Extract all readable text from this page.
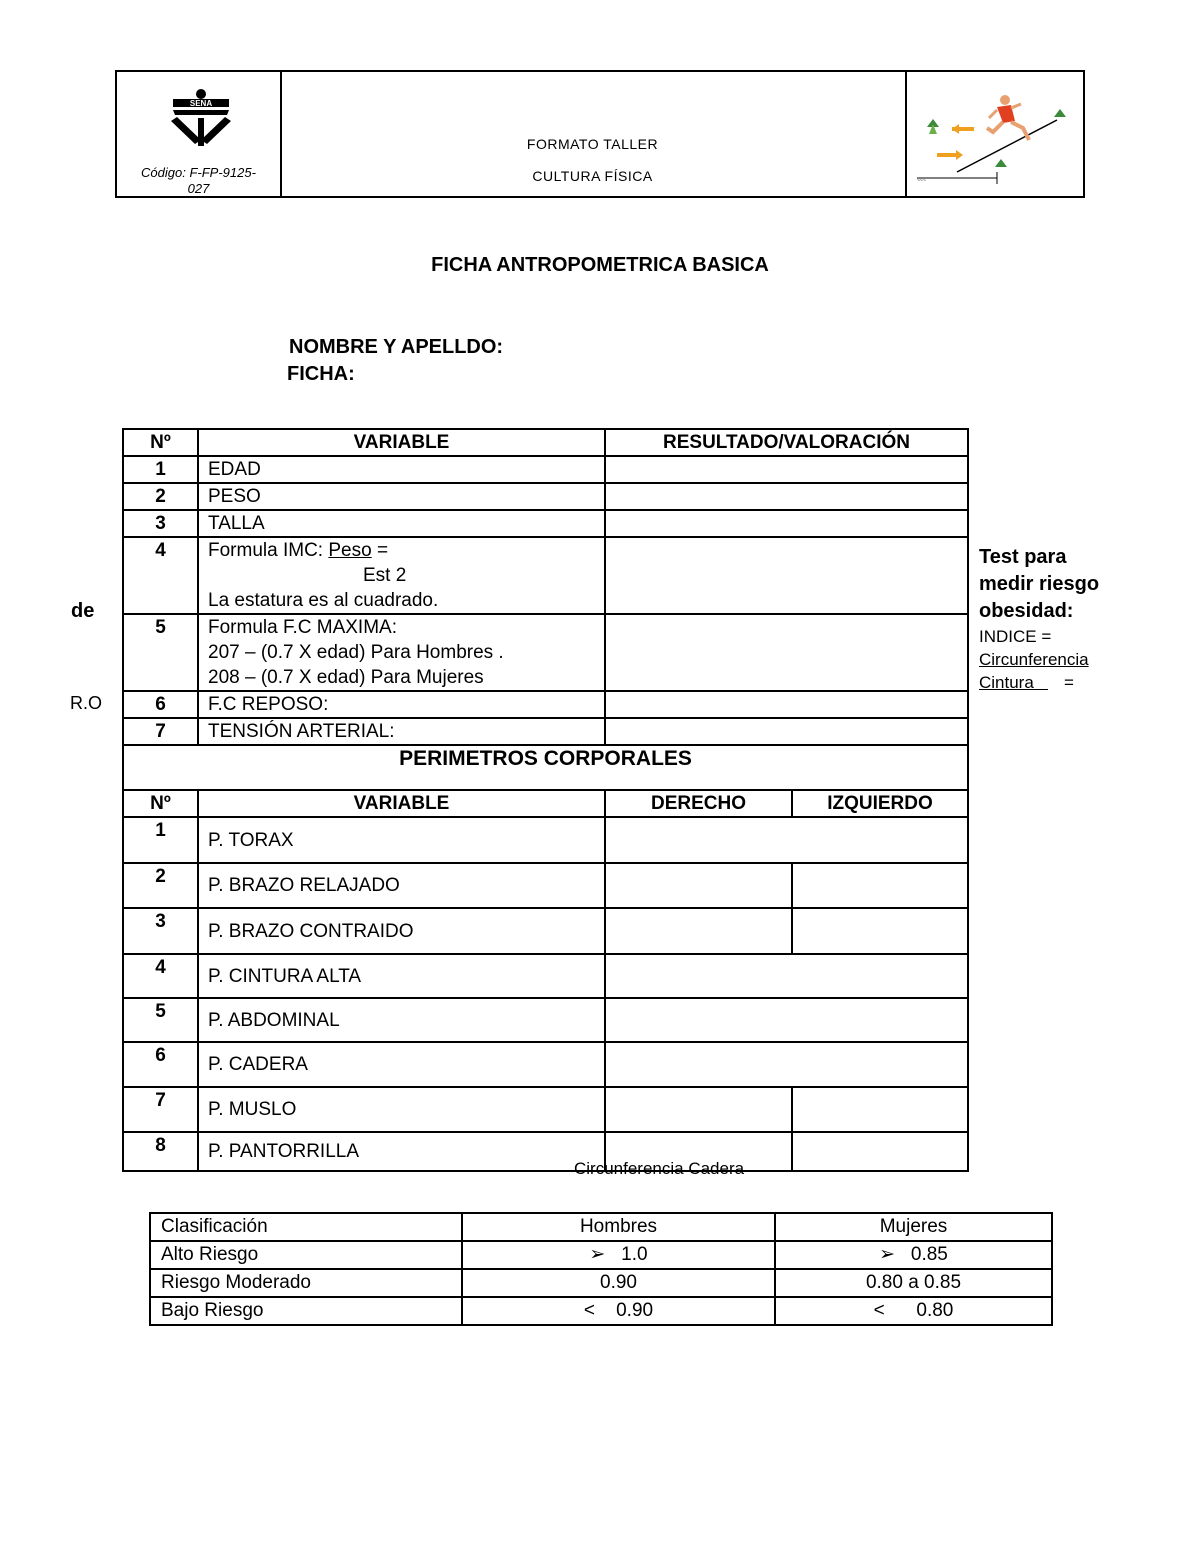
SENA
Código: F-FP-9125-
027
FORMATO TALLER
CULTURA FÍSICA	~~~
FICHA ANTROPOMETRICA BASICA
NOMBRE Y APELLDO:
FICHA:
de
R.O
Nº	VARIABLE	RESULTADO/VALORACIÓN	
1	EDAD		
2	PESO		
3	TALLA		
4	Formula IMC: Peso =
Est 2
La estatura es al cuadrado.		

5	Formula F.C MAXIMA:
207 – (0.7 X edad) Para Hombres .
208 – (0.7 X edad) Para Mujeres		

6	F.C REPOSO:		
7	TENSIÓN ARTERIAL:		
PERIMETROS CORPORALES			
Nº	VARIABLE	DERECHO	IZQUIERDO
1	P. TORAX		
2	P. BRAZO RELAJADO		
3	P. BRAZO CONTRAIDO		
4	P. CINTURA ALTA		
5	P. ABDOMINAL		
6	P. CADERA		
7	P. MUSLO		
8	P. PANTORRILLA		
Test para
medir riesgo
obesidad:
INDICE =
Circunferencia
Cintura   =
Circunferencia Cadera
Clasificación	Hombres	Mujeres
Alto Riesgo	➢   1.0	➢   0.85
Riesgo Moderado	0.90	0.80 a 0.85
Bajo Riesgo	<    0.90	<      0.80
